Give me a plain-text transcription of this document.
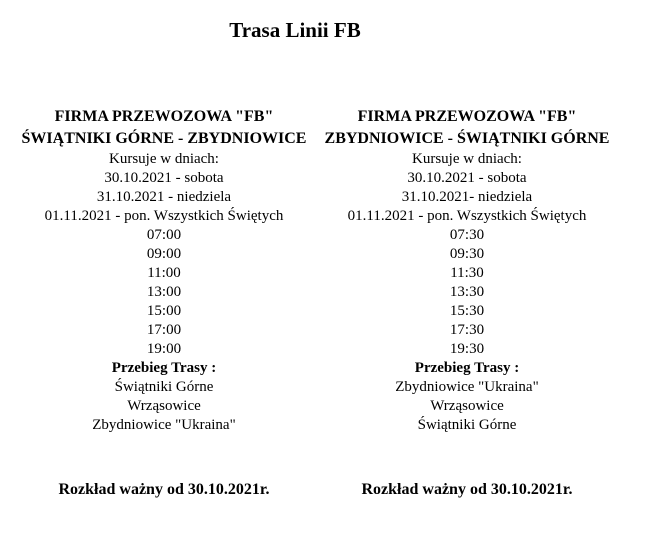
Trasa Linii FB
FIRMA PRZEWOZOWA "FB"
ŚWIĄTNIKI GÓRNE - ZBYDNIOWICE
Kursuje w dniach:
30.10.2021 - sobota
31.10.2021 - niedziela
01.11.2021 - pon. Wszystkich Świętych
07:00
09:00
11:00
13:00
15:00
17:00
19:00
Przebieg Trasy :
Świątniki Górne
Wrząsowice
Zbydniowice "Ukraina"
FIRMA PRZEWOZOWA "FB"
ZBYDNIOWICE - ŚWIĄTNIKI GÓRNE
Kursuje w dniach:
30.10.2021 - sobota
31.10.2021- niedziela
01.11.2021 - pon. Wszystkich Świętych
07:30
09:30
11:30
13:30
15:30
17:30
19:30
Przebieg Trasy :
Zbydniowice "Ukraina"
Wrząsowice
Świątniki Górne
Rozkład ważny od 30.10.2021r.	Rozkład ważny od 30.10.2021r.
